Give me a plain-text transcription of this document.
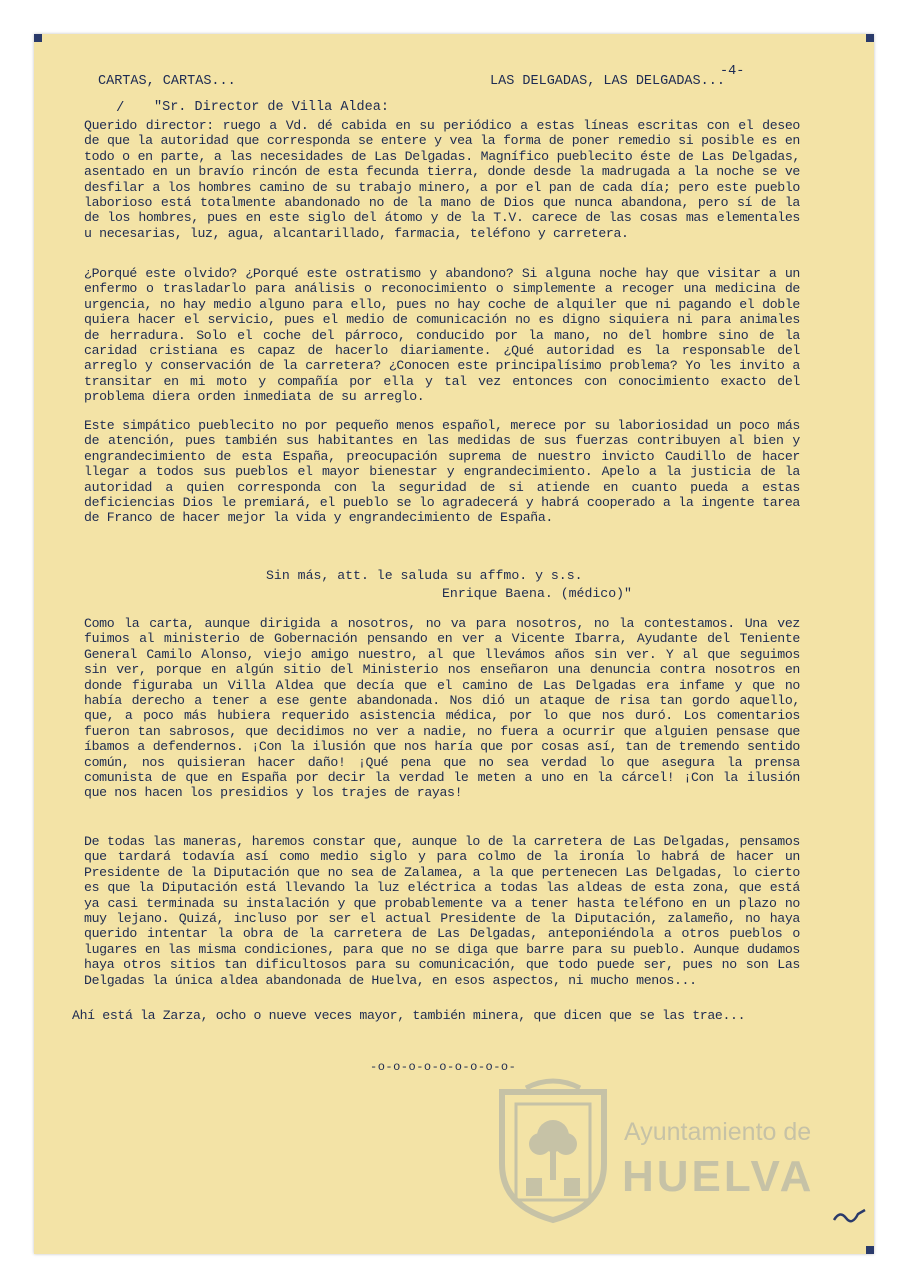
CARTAS, CARTAS...
-4-
LAS DELGADAS, LAS DELGADAS...
/ "Sr. Director de Villa Aldea:

Querido director: ruego a Vd. dé cabida en su periódico a estas líneas escritas con el deseo de que la autoridad que corresponda se entere y vea la forma de poner remedio si posible es en todo o en parte, a las necesidades de Las Delgadas. Magnífico pueblecito éste de Las Delgadas, asentado en un bravío rincón de esta fecunda tierra, donde desde la madrugada a la noche se ve desfilar a los hombres camino de su trabajo minero, a por el pan de cada día; pero este pueblo laborioso está totalmente abandonado no de la mano de Dios que nunca abandona, pero sí de la de los hombres, pues en este siglo del átomo y de la T.V. carece de las cosas mas elementales u necesarias, luz, agua, alcantarillado, farmacia, teléfono y carretera.

¿Porqué este olvido? ¿Porqué este ostratismo y abandono? Si alguna noche hay que visitar a un enfermo o trasladarlo para análisis o reconocimiento o simplemente a recoger una medicina de urgencia, no hay medio alguno para ello, pues no hay coche de alquiler que ni pagando el doble quiera hacer el servicio, pues el medio de comunicación no es digno siquiera ni para animales de herradura. Solo el coche del párroco, conducido por la mano, no del hombre sino de la caridad cristiana es capaz de hacerlo diariamente. ¿Qué autoridad es la responsable del arreglo y conservación de la carretera? ¿Conocen este principalísimo problema? Yo les invito a transitar en mi moto y compañía por ella y tal vez entonces con conocimiento exacto del problema diera orden inmediata de su arreglo.

Este simpático pueblecito no por pequeño menos español, merece por su laboriosidad un poco más de atención, pues también sus habitantes en las medidas de sus fuerzas contribuyen al bien y engrandecimiento de esta España, preocupación suprema de nuestro invicto Caudillo de hacer llegar a todos sus pueblos el mayor bienestar y engrandecimiento. Apelo a la justicia de la autoridad a quien corresponda con la seguridad de si atiende en cuanto pueda a estas deficiencias Dios le premiará, el pueblo se lo agradecerá y habrá cooperado a la ingente tarea de Franco de hacer mejor la vida y engrandecimiento de España.

Sin más, att. le saluda su affmo. y s.s.
Enrique Baena. (médico)"

Como la carta, aunque dirigida a nosotros, no va para nosotros, no la contestamos. Una vez fuimos al ministerio de Gobernación pensando en ver a Vicente Ibarra, Ayudante del Teniente General Camilo Alonso, viejo amigo nuestro, al que llevámos años sin ver. Y al que seguimos sin ver, porque en algún sitio del Ministerio nos enseñaron una denuncia contra nosotros en donde figuraba un Villa Aldea que decía que el camino de Las Delgadas era infame y que no había derecho a tener a ese gente abandonada. Nos dió un ataque de risa tan gordo aquello, que, a poco más hubiera requerido asistencia médica, por lo que nos duró. Los comentarios fueron tan sabrosos, que decidimos no ver a nadie, no fuera a ocurrir que alguien pensase que íbamos a defendernos. ¡Con la ilusión que nos haría que por cosas así, tan de tremendo sentido común, nos quisieran hacer daño! ¡Qué pena que no sea verdad lo que asegura la prensa comunista de que en España por decir la verdad le meten a uno en la cárcel! ¡Con la ilusión que nos hacen los presidios y los trajes de rayas!

De todas las maneras, haremos constar que, aunque lo de la carretera de Las Delgadas, pensamos que tardará todavía así como medio siglo y para colmo de la ironía lo habrá de hacer un Presidente de la Diputación que no sea de Zalamea, a la que pertenecen Las Delgadas, lo cierto es que la Diputación está llevando la luz eléctrica a todas las aldeas de esta zona, que está ya casi terminada su instalación y que probablemente va a tener hasta teléfono en un plazo no muy lejano. Quizá, incluso por ser el actual Presidente de la Diputación, zalameño, no haya querido intentar la obra de la carretera de Las Delgadas, anteponiéndola a otros pueblos o lugares en las misma condiciones, para que no se diga que barre para su pueblo. Aunque dudamos haya otros sitios tan dificultosos para su comunicación, que todo puede ser, pues no son Las Delgadas la única aldea abandonada de Huelva, en esos aspectos, ni mucho menos...

Ahí está la Zarza, ocho o nueve veces mayor, también minera, que dicen que se las trae...

-o-o-o-o-o-o-o-o-o-
Ayuntamiento de
HUELVA
